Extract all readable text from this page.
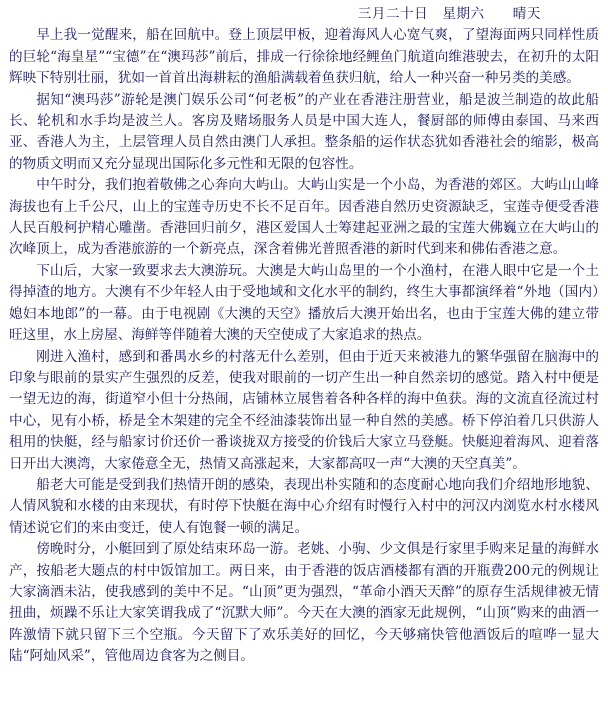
三月二十日　星期六　　晴天

早上我一觉醒来，船在回航中。登上顶层甲板，迎着海风人心宽气爽，了望海面两只同样性质的巨轮“海皇星”“宝德”在“澳玛莎”前后，排成一行徐徐地经鲤鱼门航道向维港驶去，在初升的太阳辉映下特别壮丽，犹如一首首出海耕耘的渔船满载着鱼获归航，给人一种兴奋一种另类的美感。

据知“澳玛莎”游轮是澳门娱乐公司“何老板”的产业在香港注册营业，船是波兰制造的故此船长、轮机和水手均是波兰人。客房及赌场服务人员是中国大连人，餐厨部的师傅由泰国、马来西亚、香港人为主，上层管理人员自然由澳门人承担。整条船的运作状态犹如香港社会的缩影，极高的物质文明而又充分显现出国际化多元性和无限的包容性。

中午时分，我们抱着敬佛之心奔向大屿山。大屿山实是一个小岛，为香港的郊区。大屿山山峰海拔也有上千公尺，山上的宝莲寺历史不长不足百年。因香港自然历史资源缺乏，宝莲寺便受香港人民百般柯护精心雕凿。香港回归前夕，港区爱国人士筹建起亚洲之最的宝莲大佛巍立在大屿山的次峰顶上，成为香港旅游的一个新亮点，深含着佛光普照香港的新时代到来和佛佑香港之意。

下山后，大家一致要求去大澳游玩。大澳是大屿山岛里的一个小渔村，在港人眼中它是一个土得掉渣的地方。大澳有不少年轻人由于受地域和文化水平的制约，终生大事都演绎着“外地（国内）媳妇本地郎”的一幕。由于电视剧《大澳的天空》播放后大澳开始出名，也由于宝莲大佛的建立带旺这里，水上房屋、海鲜等伴随着大澳的天空使成了大家追求的热点。

刚进入渔村，感到和番禺水乡的村落无什么差别，但由于近天来被港九的繁华强留在脑海中的印象与眼前的景实产生强烈的反差，使我对眼前的一切产生出一种自然亲切的感觉。踏入村中便是一望无边的海，街道窄小但十分热闹，店铺林立展售着各种各样的海中鱼获。海的文流直径流过村中心，见有小桥，桥是全木架建的完全不经油漆装饰出显一种自然的美感。桥下停泊着几只供游人租用的快艇，经与船家讨价还价一番谈拢双方接受的价钱后大家立马登艇。快艇迎着海风、迎着落日开出大澳湾，大家倦意全无，热情又高涨起来，大家都高叹一声“大澳的天空真美”。

船老大可能是受到我们热情开朗的感染，表现出朴实随和的态度耐心地向我们介绍地形地貌、人情风貌和水楼的由来现状，有时停下快艇在海中心介绍有时慢行入村中的河汉内浏览水村水楼风情述说它们的来由变迁，使人有饱餐一顿的满足。

傍晚时分，小艇回到了原处结束环岛一游。老姚、小驹、少文俱是行家里手购来足量的海鲜水产，按船老大题点的村中饭馆加工。两日来，由于香港的饭店酒楼都有酒的开瓶费200元的例规让大家滴酒未沾，使我感到的美中不足。“山顶”更为强烈，“革命小酒天天醉”的原存生活规律被无情扭曲，烦躁不乐让大家笑谓我成了“沉默大师”。今天在大澳的酒家无此规例，“山顶”购来的曲酒一阵激情下就只留下三个空瓶。今天留下了欢乐美好的回忆，今天够痛快管他酒饭后的喧哗一显大陆“阿灿风采”，管他周边食客为之侧目。
